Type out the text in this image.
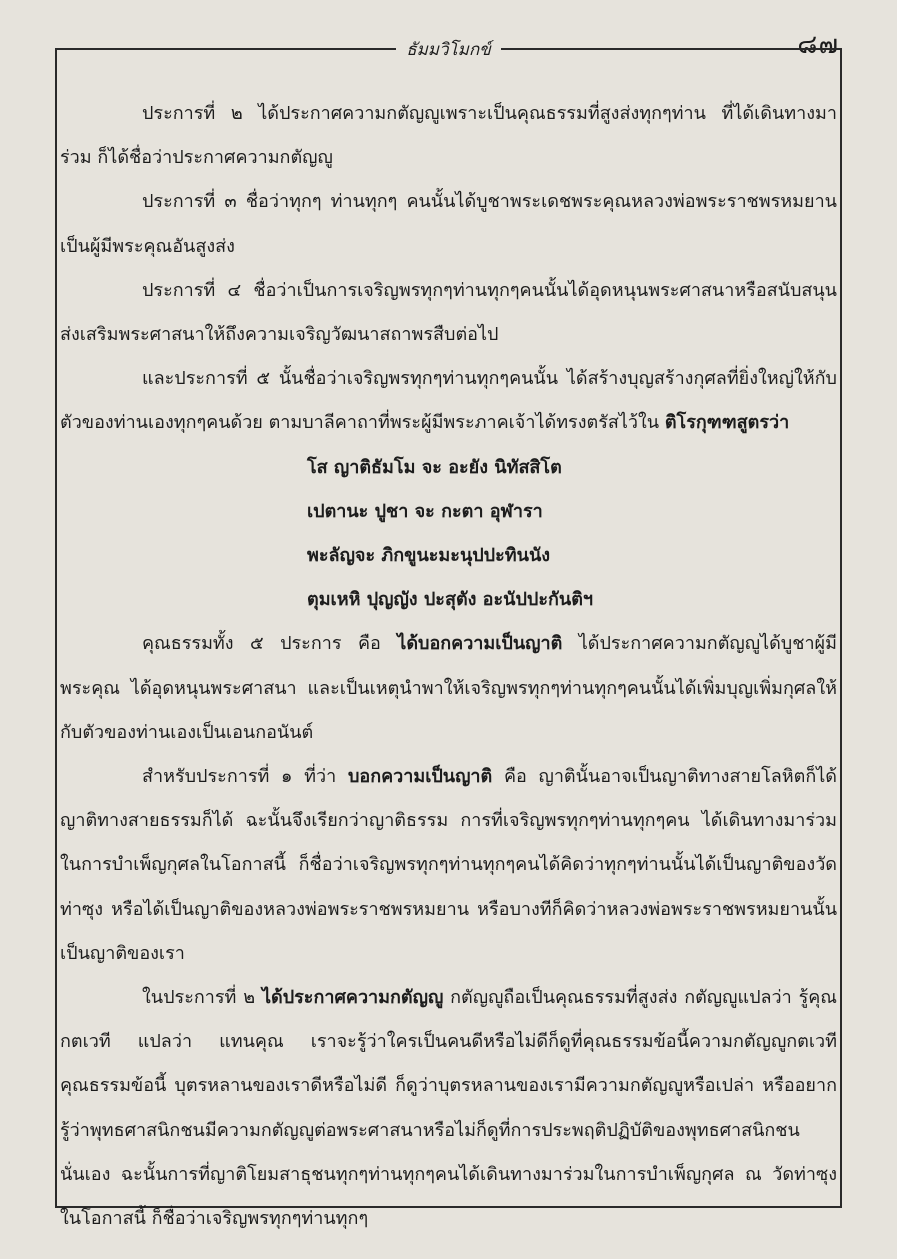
๘๗
ธัมมวิโมกข์

ประการที่ ๒ ได้ประกาศความกตัญญูเพราะเป็นคุณธรรมที่สูงส่งทุกๆท่าน ที่ได้เดินทางมาร่วม ก็ได้ชื่อว่าประกาศความกตัญญู

ประการที่ ๓ ชื่อว่าทุกๆ ท่านทุกๆ คนนั้นได้บูชาพระเดชพระคุณหลวงพ่อพระราชพรหมยาน เป็นผู้มีพระคุณอันสูงส่ง

ประการที่ ๔ ชื่อว่าเป็นการเจริญพรทุกๆท่านทุกๆคนนั้นได้อุดหนุนพระศาสนาหรือสนับสนุนส่งเสริมพระศาสนาให้ถึงความเจริญวัฒนาสถาพรสืบต่อไป

และประการที่ ๕ นั้นชื่อว่าเจริญพรทุกๆท่านทุกๆคนนั้น ได้สร้างบุญสร้างกุศลที่ยิ่งใหญ่ให้กับตัวของท่านเองทุกๆคนด้วย ตามบาลีคาถาที่พระผู้มีพระภาคเจ้าได้ทรงตรัสไว้ใน ติโรกุฑฑสูตรว่า

โส ญาติธัมโม จะ อะยัง นิทัสสิโต

เปตานะ ปูชา จะ กะตา อุฬารา

พะลัญจะ ภิกขูนะมะนุปปะทินนัง

ตุมเหหิ ปุญญัง ปะสุตัง อะนัปปะกันติฯ

คุณธรรมทั้ง ๕ ประการ คือ ได้บอกความเป็นญาติ ได้ประกาศความกตัญญูได้บูชาผู้มีพระคุณ ได้อุดหนุนพระศาสนา และเป็นเหตุนำพาให้เจริญพรทุกๆท่านทุกๆคนนั้นได้เพิ่มบุญเพิ่มกุศลให้กับตัวของท่านเองเป็นเอนกอนันต์

สำหรับประการที่ ๑ ที่ว่า บอกความเป็นญาติ คือ ญาตินั้นอาจเป็นญาติทางสายโลหิตก็ได้ญาติทางสายธรรมก็ได้ ฉะนั้นจึงเรียกว่าญาติธรรม การที่เจริญพรทุกๆท่านทุกๆคน ได้เดินทางมาร่วมในการบำเพ็ญกุศลในโอกาสนี้ ก็ชื่อว่าเจริญพรทุกๆท่านทุกๆคนได้คิดว่าทุกๆท่านนั้นได้เป็นญาติของวัดท่าซุง หรือได้เป็นญาติของหลวงพ่อพระราชพรหมยาน หรือบางทีก็คิดว่าหลวงพ่อพระราชพรหมยานนั้นเป็นญาติของเรา

ในประการที่ ๒ ได้ประกาศความกตัญญู กตัญญูถือเป็นคุณธรรมที่สูงส่ง กตัญญูแปลว่า รู้คุณ กตเวที แปลว่า แทนคุณ เราจะรู้ว่าใครเป็นคนดีหรือไม่ดีก็ดูที่คุณธรรมข้อนี้ความกตัญญูกตเวที คุณธรรมข้อนี้ บุตรหลานของเราดีหรือไม่ดี ก็ดูว่าบุตรหลานของเรามีความกตัญญูหรือเปล่า หรืออยากรู้ว่าพุทธศาสนิกชนมีความกตัญญูต่อพระศาสนาหรือไม่ก็ดูที่การประพฤติปฏิบัติของพุทธศาสนิกชนนั่นเอง ฉะนั้นการที่ญาติโยมสาธุชนทุกๆท่านทุกๆคนได้เดินทางมาร่วมในการบำเพ็ญกุศล ณ วัดท่าซุงในโอกาสนี้ ก็ชื่อว่าเจริญพรทุกๆท่านทุกๆ
